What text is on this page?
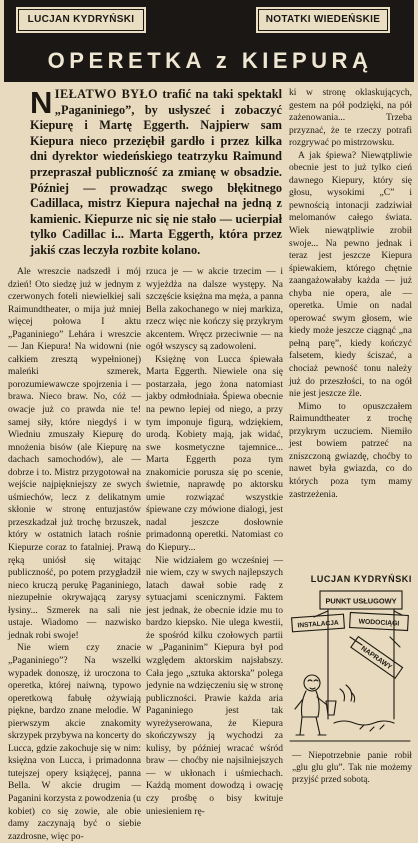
LUCJAN KYDRYŃSKI	NOTATKI WIEDEŃSKIE
OPERETKA z KIEPURĄ

NIEŁATWO BYŁO trafić na taki spektakl „Paganiniego”, by usłyszeć i zobaczyć Kiepurę i Martę Eggerth. Najpierw sam Kiepura nieco przeziębił gardło i przez kilka dni dyrektor wiedeńskiego teatrzyku Raimund przepraszał publiczność za zmianę w obsadzie. Później — prowadząc swego błękitnego Cadillaca, mistrz Kiepura najechał na jedną z kamienic. Kiepurze nic się nie stało — ucierpiał tylko Cadillac i... Marta Eggerth, która przez jakiś czas leczyła rozbite kolano.

Ale wreszcie nadszedł i mój dzień! Oto siedzę już w jednym z czerwonych foteli niewielkiej sali Raimundtheater, o mija już mniej więcej połowa I aktu „Paganiniego” Lehára i wreszcie — Jan Kiepura! Na widowni (nie całkiem zresztą wypełnionej) maleńki szmerek, porozumiewawcze spojrzenia i — brawa. Nieco braw. No, cóż — owacje już co prawda nie te! samej siły, które niegdyś i w Wiedniu zmuszały Kiepurę do mnożenia bisów (ale Kiepurę na dachach samochodów), ale — dobrze i to. Mistrz przygotował na wejście najpiękniejszy ze swych uśmiechów, lecz z delikatnym skłonie w stronę entuzjastów przeszkadzał już trochę brzuszek, który w ostatnich latach rośnie Kiepurze coraz to fatalniej. Prawą ręką uniósł się witając publiczność, po potem przygładził nieco kruczą perukę Paganiniego, niezupełnie okrywającą zarysy łysiny... Szmerek na sali nie ustaje. Wiadomo — nazwisko jednak robi swoje!

Nie wiem czy znacie „Paganiniego”? Na wszelki wypadek donoszę, iż uroczona to operetka, której naiwną, typowo operetkową fabułę ożywiają piękne, bardzo znane melodie. W pierwszym akcie znakomity skrzypek przybywa na koncerty do Lucca, gdzie zakochuje się w nim: księżna von Lucca, i primadonna tutejszej opery książęcej, panna Bella. W akcie drugim — Paganini korzysta z powodzenia (u kobiet) co się zowie, ale obie damy zaczynają być o siebie zazdrosne, więc po-

rzuca je — w akcie trzecim — i wyjeżdża na dalsze występy. Na szczęście księżna ma męża, a panna Bella zakochanego w niej markiza, rzecz więc nie kończy się przykrym akcentem. Wręcz przeciwnie — na ogół wszyscy są zadowoleni.

Księżnę von Lucca śpiewała Marta Eggerth. Niewiele ona się postarzała, jego żona natomiast jakby odmłodniała. Śpiewa obecnie na pewno lepiej od niego, a przy tym imponuje figurą, wdziękiem, urodą. Kobiety mają, jak widać, swe kosmetyczne tajemnice... Marta Eggerth poza tym znakomicie porusza się po scenie, świetnie, naprawdę po aktorsku umie rozwiązać wszystkie śpiewane czy mówione dialogi, jest nadal jeszcze dosłownie primadonną operetki. Natomiast co do Kiepury...

Nie widziałem go wcześniej — nie wiem, czy w swych najlepszych latach dawał sobie radę z sytuacjami scenicznymi. Faktem jest jednak, że obecnie idzie mu to bardzo kiepsko. Nie ulega kwestii, że spośród kilku czołowych partii w „Paganinim” Kiepura był pod względem aktorskim najsłabszy. Cała jego „sztuka aktorska” polega jedynie na wdzięczeniu się w stronę publiczności. Prawie każda aria Paganiniego jest tak wyreżyserowana, że Kiepura skończywszy ją wychodzi za kulisy, by później wracać wśród braw — choćby nie najsilniejszych — w ukłonach i uśmiechach. Każdą moment dowodzą i owację czy prośbę o bisy kwituje uniesieniem rę-

ki w stronę oklaskujących, gestem na pół podzięki, na pół zażenowania... Trzeba przyznać, że te rzeczy potrafi rozgrywać po mistrzowsku.

A jak śpiewa? Niewątpliwie obecnie jest to już tylko cień dawnego Kiepury, który się głosu, wysokimi „C” i pewnością intonacji zadziwiał melomanów całego świata. Wiek niewątpliwie zrobił swoje... Na pewno jednak i teraz jest jeszcze Kiepura śpiewakiem, którego chętnie zaangażowałaby każda — już chyba nie opera, ale — operetka. Umie on nadal operować swym głosem, wie kiedy może jeszcze ciągnąć „na pełną parę”, kiedy kończyć falsetem, kiedy ściszać, a chociaż pewność tonu należy już do przeszłości, to na ogół nie jest jeszcze źle.

Mimo to opuszczałem Raimundtheater z trochę przykrym uczuciem. Niemiło jest bowiem patrzeć na zniszczoną gwiazdę, choćby to nawet była gwiazda, co do których poza tym mamy zastrzeżenia.

LUCJAN KYDRYŃSKI
PUNKT USŁUGOWY
INSTALACJA	WODOCIĄGI
NAPRAWY
— Niepotrzebnie panie robił „glu glu glu”. Tak nie możemy przyjść przed sobotą.
